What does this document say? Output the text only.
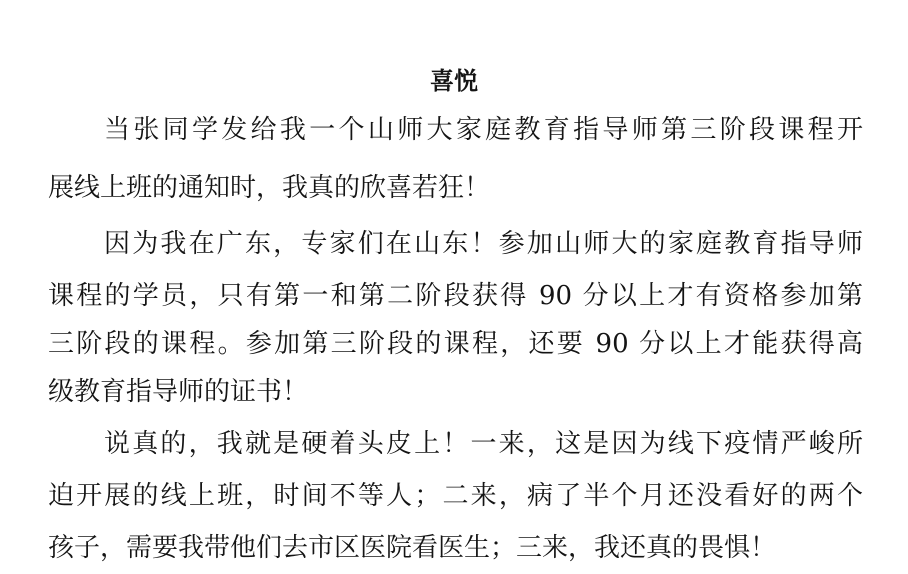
喜悦
当张同学发给我一个山师大家庭教育指导师第三阶段课程开
展线上班的通知时，我真的欣喜若狂！
因为我在广东，专家们在山东！参加山师大的家庭教育指导师
课程的学员，只有第一和第二阶段获得 90 分以上才有资格参加第
三阶段的课程。参加第三阶段的课程，还要 90 分以上才能获得高
级教育指导师的证书！
说真的，我就是硬着头皮上！一来，这是因为线下疫情严峻所
迫开展的线上班，时间不等人；二来，病了半个月还没看好的两个
孩子，需要我带他们去市区医院看医生；三来，我还真的畏惧！
